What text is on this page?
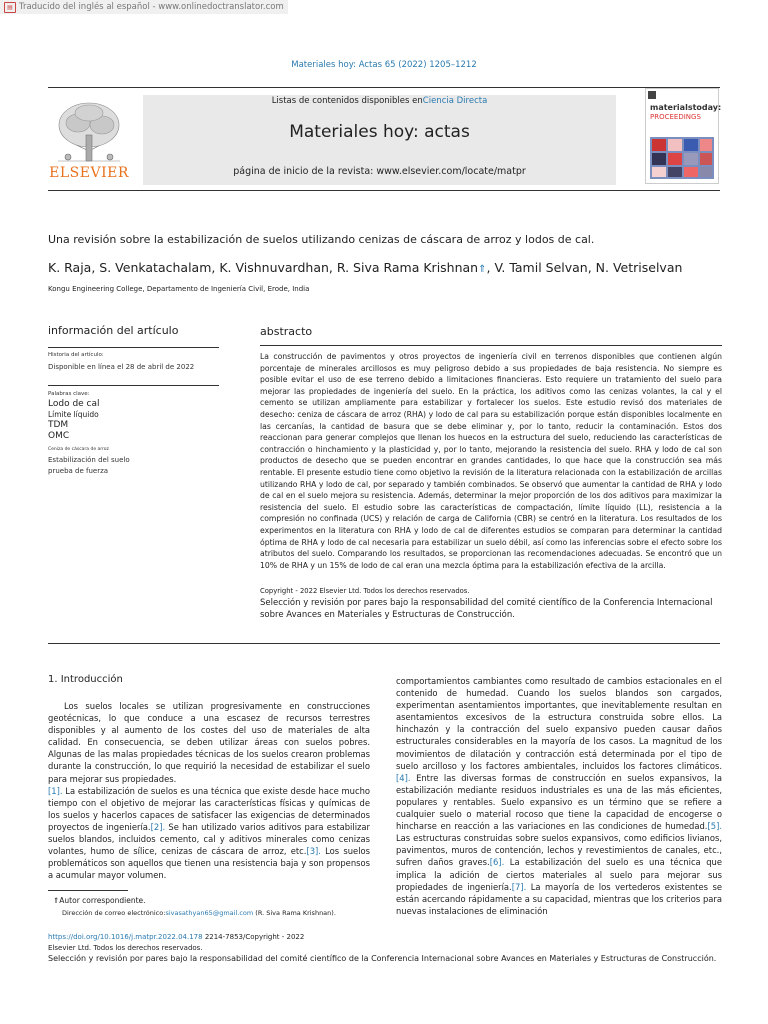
▤ Traducido del inglés al español - www.onlinedoctranslator.com
Materiales hoy: Actas 65 (2022) 1205–1212
ELSEVIER
Listas de contenidos disponibles enCiencia Directa
Materiales hoy: actas
página de inicio de la revista: www.elsevier.com/locate/matpr
materialstoday:
PROCEEDINGS
Una revisión sobre la estabilización de suelos utilizando cenizas de cáscara de arroz y lodos de cal.
K. Raja, S. Venkatachalam, K. Vishnuvardhan, R. Siva Rama Krishnan⇑, V. Tamil Selvan, N. Vetriselvan
Kongu Engineering College, Departamento de Ingeniería Civil, Erode, India
información del artículo
Historia del artículo:
Disponible en línea el 28 de abril de 2022
Palabras clave:
Lodo de cal
Límite líquido
TDM
OMC
Ceniza de cáscara de arroz
Estabilización del suelo
prueba de fuerza
abstracto
La construcción de pavimentos y otros proyectos de ingeniería civil en terrenos disponibles que contienen algún porcentaje de minerales arcillosos es muy peligroso debido a sus propiedades de baja resistencia. No siempre es posible evitar el uso de ese terreno debido a limitaciones financieras. Esto requiere un tratamiento del suelo para mejorar las propiedades de ingeniería del suelo. En la práctica, los aditivos como las cenizas volantes, la cal y el cemento se utilizan ampliamente para estabilizar y fortalecer los suelos. Este estudio revisó dos materiales de desecho: ceniza de cáscara de arroz (RHA) y lodo de cal para su estabilización porque están disponibles localmente en las cercanías, la cantidad de basura que se debe eliminar y, por lo tanto, reducir la contaminación. Estos dos reaccionan para generar complejos que llenan los huecos en la estructura del suelo, reduciendo las características de contracción o hinchamiento y la plasticidad y, por lo tanto, mejorando la resistencia del suelo. RHA y lodo de cal son productos de desecho que se pueden encontrar en grandes cantidades, lo que hace que la construcción sea más rentable. El presente estudio tiene como objetivo la revisión de la literatura relacionada con la estabilización de arcillas utilizando RHA y lodo de cal, por separado y también combinados. Se observó que aumentar la cantidad de RHA y lodo de cal en el suelo mejora su resistencia. Además, determinar la mejor proporción de los dos aditivos para maximizar la resistencia del suelo. El estudio sobre las características de compactación, límite líquido (LL), resistencia a la compresión no confinada (UCS) y relación de carga de California (CBR) se centró en la literatura. Los resultados de los experimentos en la literatura con RHA y lodo de cal de diferentes estudios se comparan para determinar la cantidad óptima de RHA y lodo de cal necesaria para estabilizar un suelo débil, así como las inferencias sobre el efecto sobre los atributos del suelo. Comparando los resultados, se proporcionan las recomendaciones adecuadas. Se encontró que un 10% de RHA y un 15% de lodo de cal eran una mezcla óptima para la estabilización efectiva de la arcilla.
Copyright - 2022 Elsevier Ltd. Todos los derechos reservados.
Selección y revisión por pares bajo la responsabilidad del comité científico de la Conferencia Internacional sobre Avances en Materiales y Estructuras de Construcción.
1. Introducción
Los suelos locales se utilizan progresivamente en construcciones geotécnicas, lo que conduce a una escasez de recursos terrestres disponibles y al aumento de los costes del uso de materiales de alta calidad. En consecuencia, se deben utilizar áreas con suelos pobres. Algunas de las malas propiedades técnicas de los suelos crearon problemas durante la construcción, lo que requirió la necesidad de estabilizar el suelo para mejorar sus propiedades.
[1]. La estabilización de suelos es una técnica que existe desde hace mucho tiempo con el objetivo de mejorar las características físicas y químicas de los suelos y hacerlos capaces de satisfacer las exigencias de determinados proyectos de ingeniería.[2]. Se han utilizado varios aditivos para estabilizar suelos blandos, incluidos cemento, cal y aditivos minerales como cenizas volantes, humo de sílice, cenizas de cáscara de arroz, etc.[3]. Los suelos problemáticos son aquellos que tienen una resistencia baja y son propensos a acumular mayor volumen.
comportamientos cambiantes como resultado de cambios estacionales en el contenido de humedad. Cuando los suelos blandos son cargados, experimentan asentamientos importantes, que inevitablemente resultan en asentamientos excesivos de la estructura construida sobre ellos. La hinchazón y la contracción del suelo expansivo pueden causar daños estructurales considerables en la mayoría de los casos. La magnitud de los movimientos de dilatación y contracción está determinada por el tipo de suelo arcilloso y los factores ambientales, incluidos los factores climáticos.[4]. Entre las diversas formas de construcción en suelos expansivos, la estabilización mediante residuos industriales es una de las más eficientes, populares y rentables. Suelo expansivo es un término que se refiere a cualquier suelo o material rocoso que tiene la capacidad de encogerse o hincharse en reacción a las variaciones en las condiciones de humedad.[5]. Las estructuras construidas sobre suelos expansivos, como edificios livianos, pavimentos, muros de contención, lechos y revestimientos de canales, etc., sufren daños graves.[6]. La estabilización del suelo es una técnica que implica la adición de ciertos materiales al suelo para mejorar sus propiedades de ingeniería.[7]. La mayoría de los vertederos existentes se están acercando rápidamente a su capacidad, mientras que los criterios para nuevas instalaciones de eliminación
⇑Autor correspondiente.
Dirección de correo electrónico:sivasathyan65@gmail.com (R. Siva Rama Krishnan).
https://doi.org/10.1016/j.matpr.2022.04.178 2214-7853/Copyright - 2022
Elsevier Ltd. Todos los derechos reservados.
Selección y revisión por pares bajo la responsabilidad del comité científico de la Conferencia Internacional sobre Avances en Materiales y Estructuras de Construcción.
